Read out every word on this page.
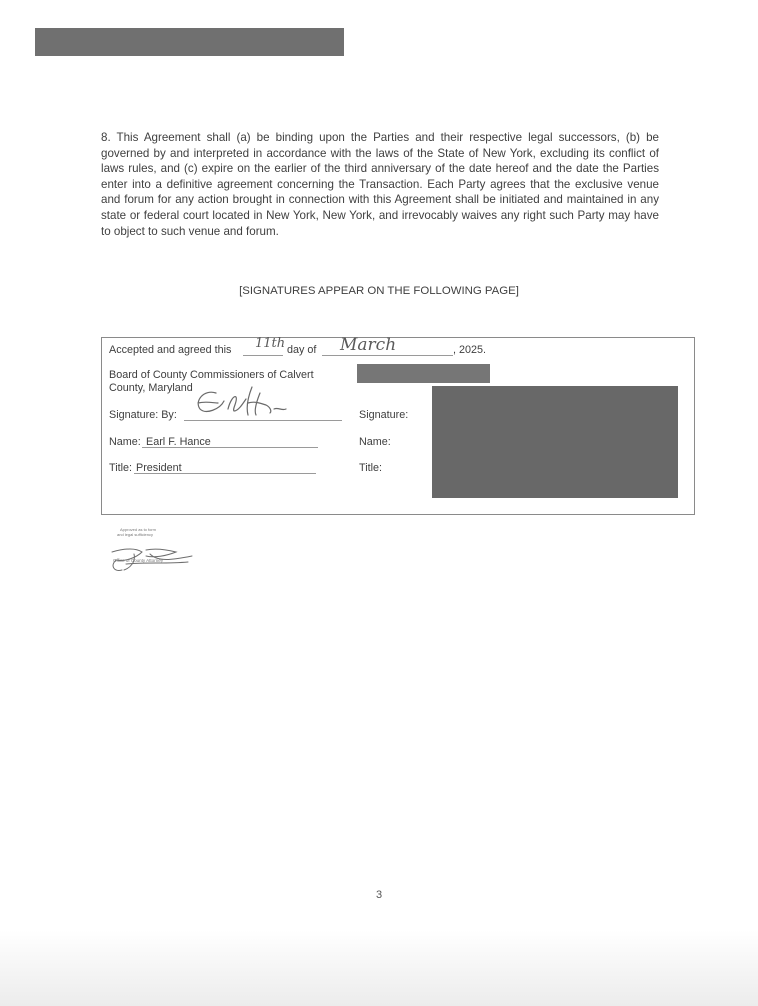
8. This Agreement shall (a) be binding upon the Parties and their respective legal successors, (b) be governed by and interpreted in accordance with the laws of the State of New York, excluding its conflict of laws rules, and (c) expire on the earlier of the third anniversary of the date hereof and the date the Parties enter into a definitive agreement concerning the Transaction. Each Party agrees that the exclusive venue and forum for any action brought in connection with this Agreement shall be initiated and maintained in any state or federal court located in New York, New York, and irrevocably waives any right such Party may have to object to such venue and forum.

[SIGNATURES APPEAR ON THE FOLLOWING PAGE]
Accepted and agreed this 11th day of March	, 2025.
Board of County Commissioners of Calvert
County, Maryland
Signature: By:
Name: Earl F. Hance
Title: President
Signature:
Name:
Title:
Approved as to form
and legal sufficiency
Office of County Attorney
3
